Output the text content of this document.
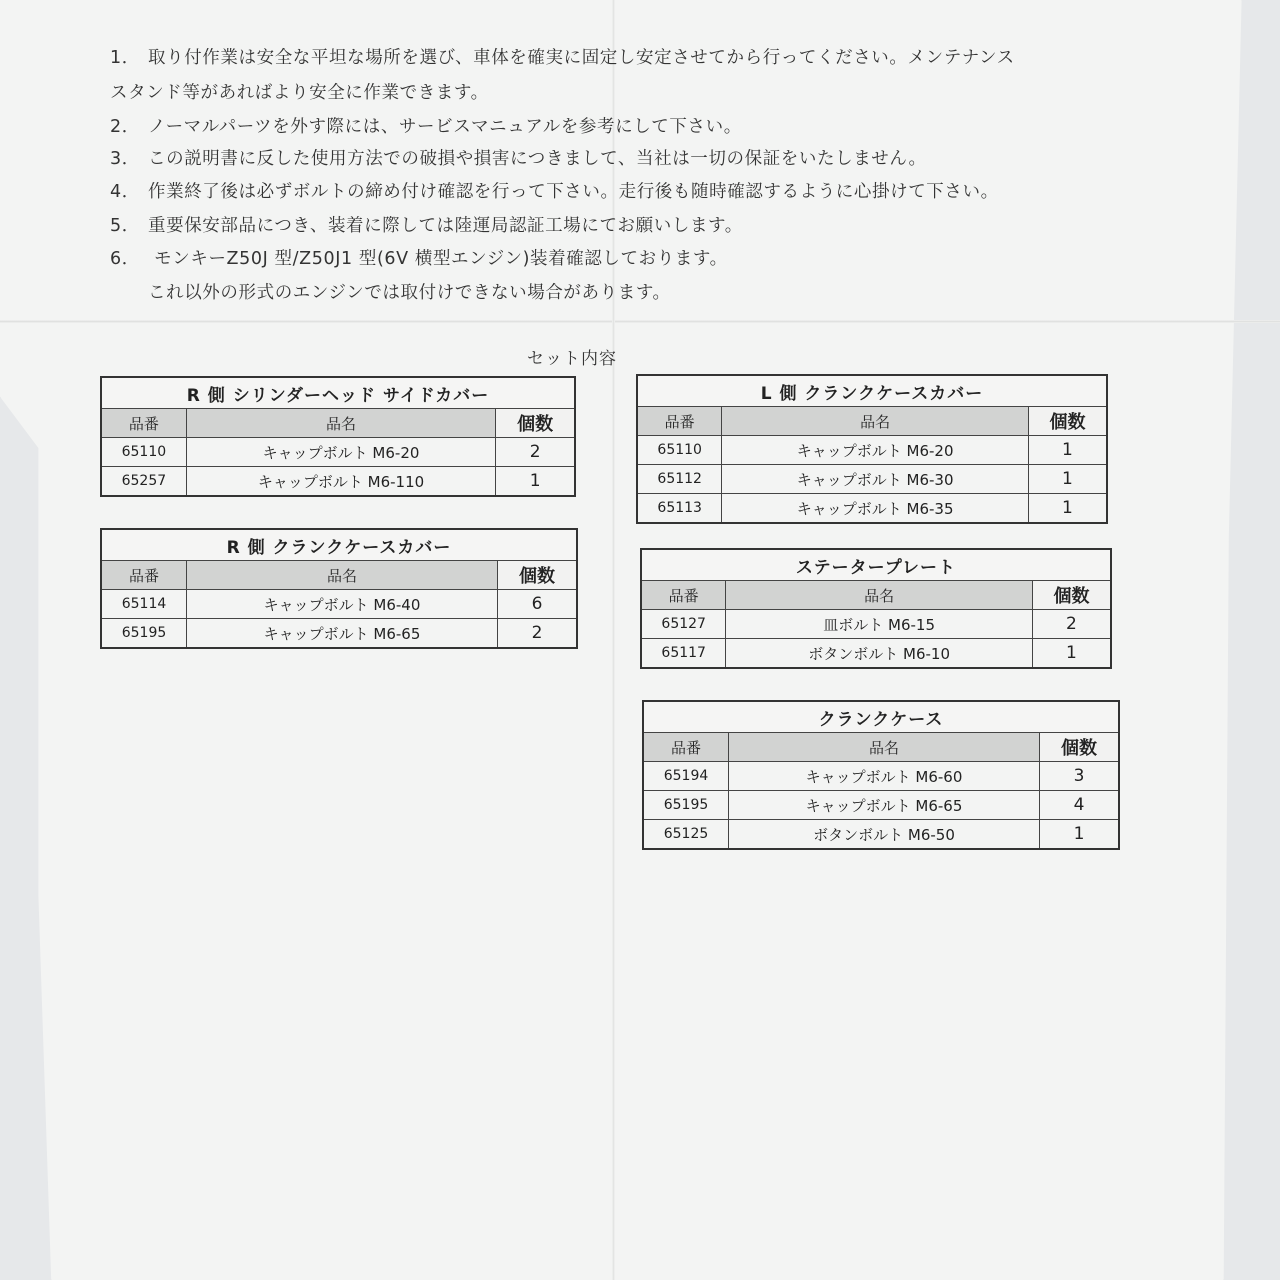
1． 取り付作業は安全な平坦な場所を選び、車体を確実に固定し安定させてから行ってください。メンテナンス
スタンド等があればより安全に作業できます。
2． ノーマルパーツを外す際には、サービスマニュアルを参考にして下さい。
3． この説明書に反した使用方法での破損や損害につきまして、当社は一切の保証をいたしません。
4． 作業終了後は必ずボルトの締め付け確認を行って下さい。走行後も随時確認するように心掛けて下さい。
5． 重要保安部品につき、装着に際しては陸運局認証工場にてお願いします。
6． モンキーZ50J 型/Z50J1 型(6V 横型エンジン)装着確認しております。
これ以外の形式のエンジンでは取付けできない場合があります。
セット内容
R 側 シリンダーヘッド サイドカバー		
品番	品名	個数
65110	キャップボルト M6-20	2
65257	キャップボルト M6-110	1
R 側 クランクケースカバー		
品番	品名	個数
65114	キャップボルト M6-40	6
65195	キャップボルト M6-65	2
L 側 クランクケースカバー		
品番	品名	個数
65110	キャップボルト M6-20	1
65112	キャップボルト M6-30	1
65113	キャップボルト M6-35	1
ステータープレート		
品番	品名	個数
65127	皿ボルト M6-15	2
65117	ボタンボルト M6-10	1
クランクケース		
品番	品名	個数
65194	キャップボルト M6-60	3
65195	キャップボルト M6-65	4
65125	ボタンボルト M6-50	1
